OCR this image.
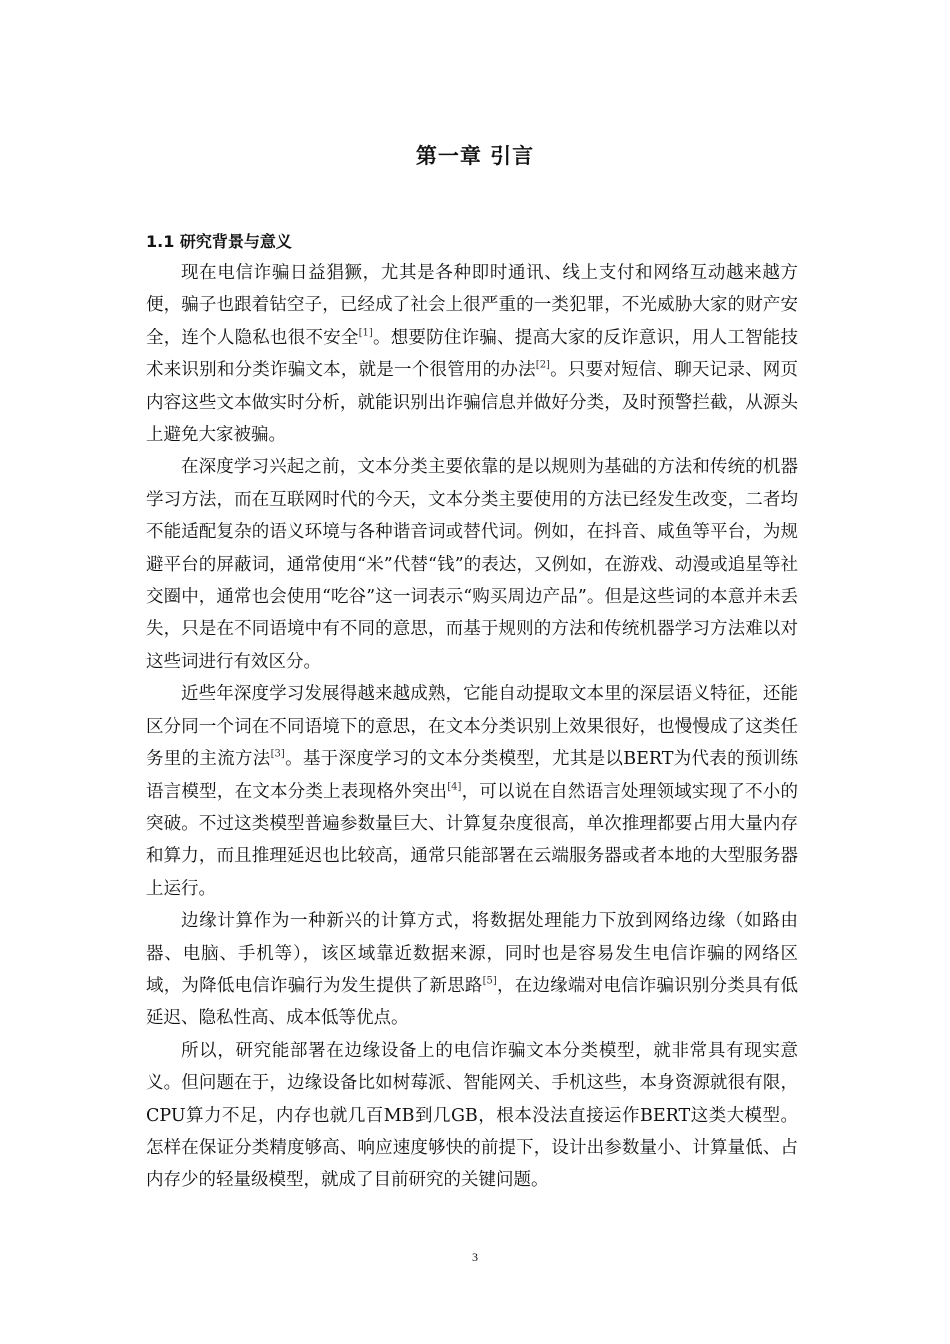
第一章 引言
1.1 研究背景与意义

现在电信诈骗日益猖獗，尤其是各种即时通讯、线上支付和网络互动越来越方便，骗子也跟着钻空子，已经成了社会上很严重的一类犯罪，不光威胁大家的财产安全，连个人隐私也很不安全[1]。想要防住诈骗、提高大家的反诈意识，用人工智能技术来识别和分类诈骗文本，就是一个很管用的办法[2]。只要对短信、聊天记录、网页内容这些文本做实时分析，就能识别出诈骗信息并做好分类，及时预警拦截，从源头上避免大家被骗。

在深度学习兴起之前，文本分类主要依靠的是以规则为基础的方法和传统的机器学习方法，而在互联网时代的今天，文本分类主要使用的方法已经发生改变，二者均不能适配复杂的语义环境与各种谐音词或替代词。例如，在抖音、咸鱼等平台，为规避平台的屏蔽词，通常使用“米”代替“钱”的表达，又例如，在游戏、动漫或追星等社交圈中，通常也会使用“吃谷”这一词表示“购买周边产品”。但是这些词的本意并未丢失，只是在不同语境中有不同的意思，而基于规则的方法和传统机器学习方法难以对这些词进行有效区分。

近些年深度学习发展得越来越成熟，它能自动提取文本里的深层语义特征，还能区分同一个词在不同语境下的意思，在文本分类识别上效果很好，也慢慢成了这类任务里的主流方法[3]。基于深度学习的文本分类模型，尤其是以BERT为代表的预训练语言模型，在文本分类上表现格外突出[4]，可以说在自然语言处理领域实现了不小的突破。不过这类模型普遍参数量巨大、计算复杂度很高，单次推理都要占用大量内存和算力，而且推理延迟也比较高，通常只能部署在云端服务器或者本地的大型服务器上运行。

边缘计算作为一种新兴的计算方式，将数据处理能力下放到网络边缘（如路由器、电脑、手机等），该区域靠近数据来源，同时也是容易发生电信诈骗的网络区域，为降低电信诈骗行为发生提供了新思路[5]，在边缘端对电信诈骗识别分类具有低延迟、隐私性高、成本低等优点。

所以，研究能部署在边缘设备上的电信诈骗文本分类模型，就非常具有现实意义。但问题在于，边缘设备比如树莓派、智能网关、手机这些，本身资源就很有限，CPU算力不足，内存也就几百MB到几GB，根本没法直接运作BERT这类大模型。怎样在保证分类精度够高、响应速度够快的前提下，设计出参数量小、计算量低、占内存少的轻量级模型，就成了目前研究的关键问题。

3
